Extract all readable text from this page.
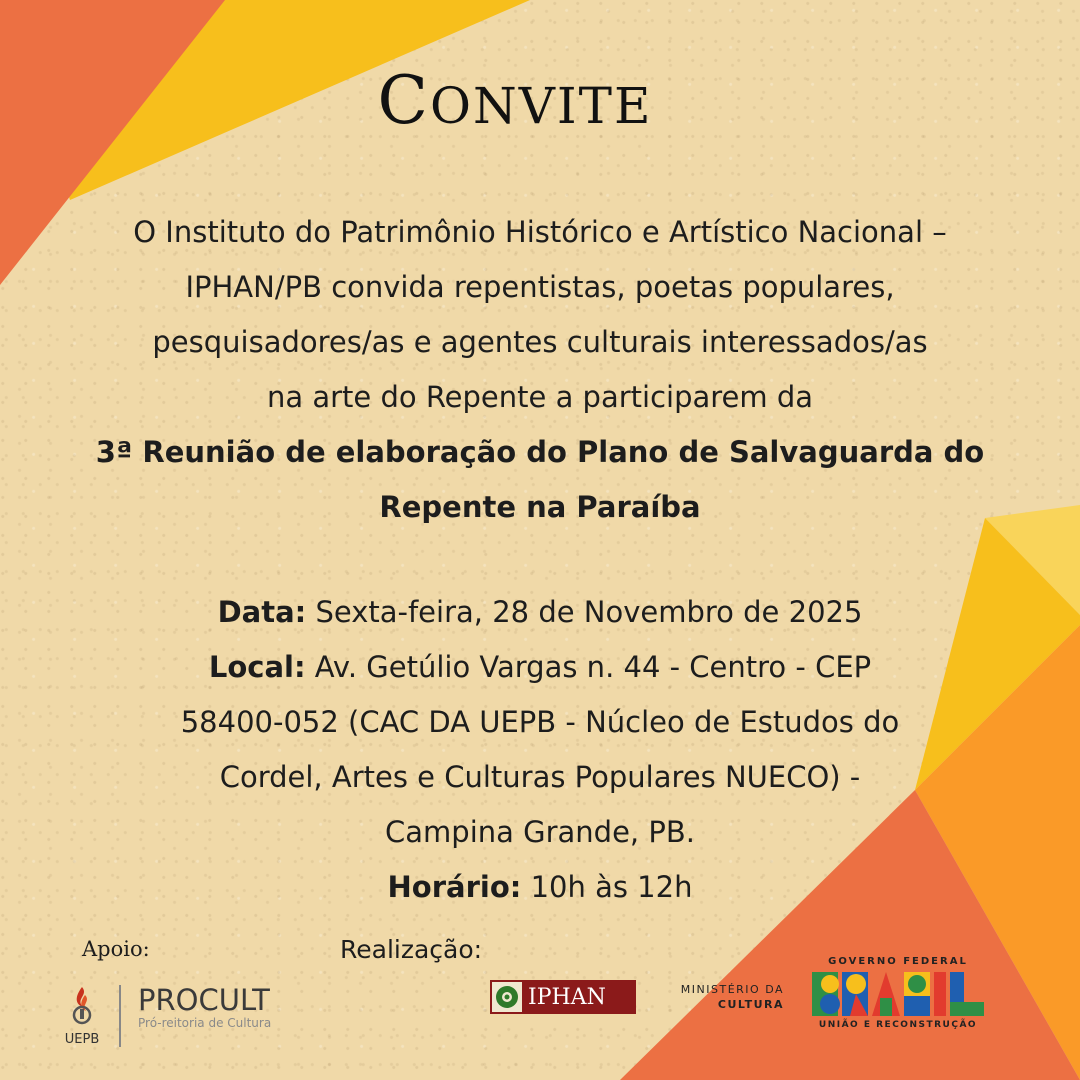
CONVITE

O Instituto do Patrimônio Histórico e Artístico Nacional –

IPHAN/PB convida repentistas, poetas populares,

pesquisadores/as e agentes culturais interessados/as

na arte do Repente a participarem da

3ª Reunião de elaboração do Plano de Salvaguarda do

Repente na Paraíba

Data: Sexta-feira, 28 de Novembro de 2025

Local: Av. Getúlio Vargas n. 44 - Centro - CEP

58400-052 (CAC DA UEPB - Núcleo de Estudos do

Cordel, Artes e Culturas Populares NUECO) -

Campina Grande, PB.

Horário: 10h às 12h

Apoio:	Realização:
UEPB
PROCULT
Pró-reitoria de Cultura
IPHAN	MINISTÉRIO DA
CULTURA
GOVERNO FEDERAL
UNIÃO E RECONSTRUÇÃO
